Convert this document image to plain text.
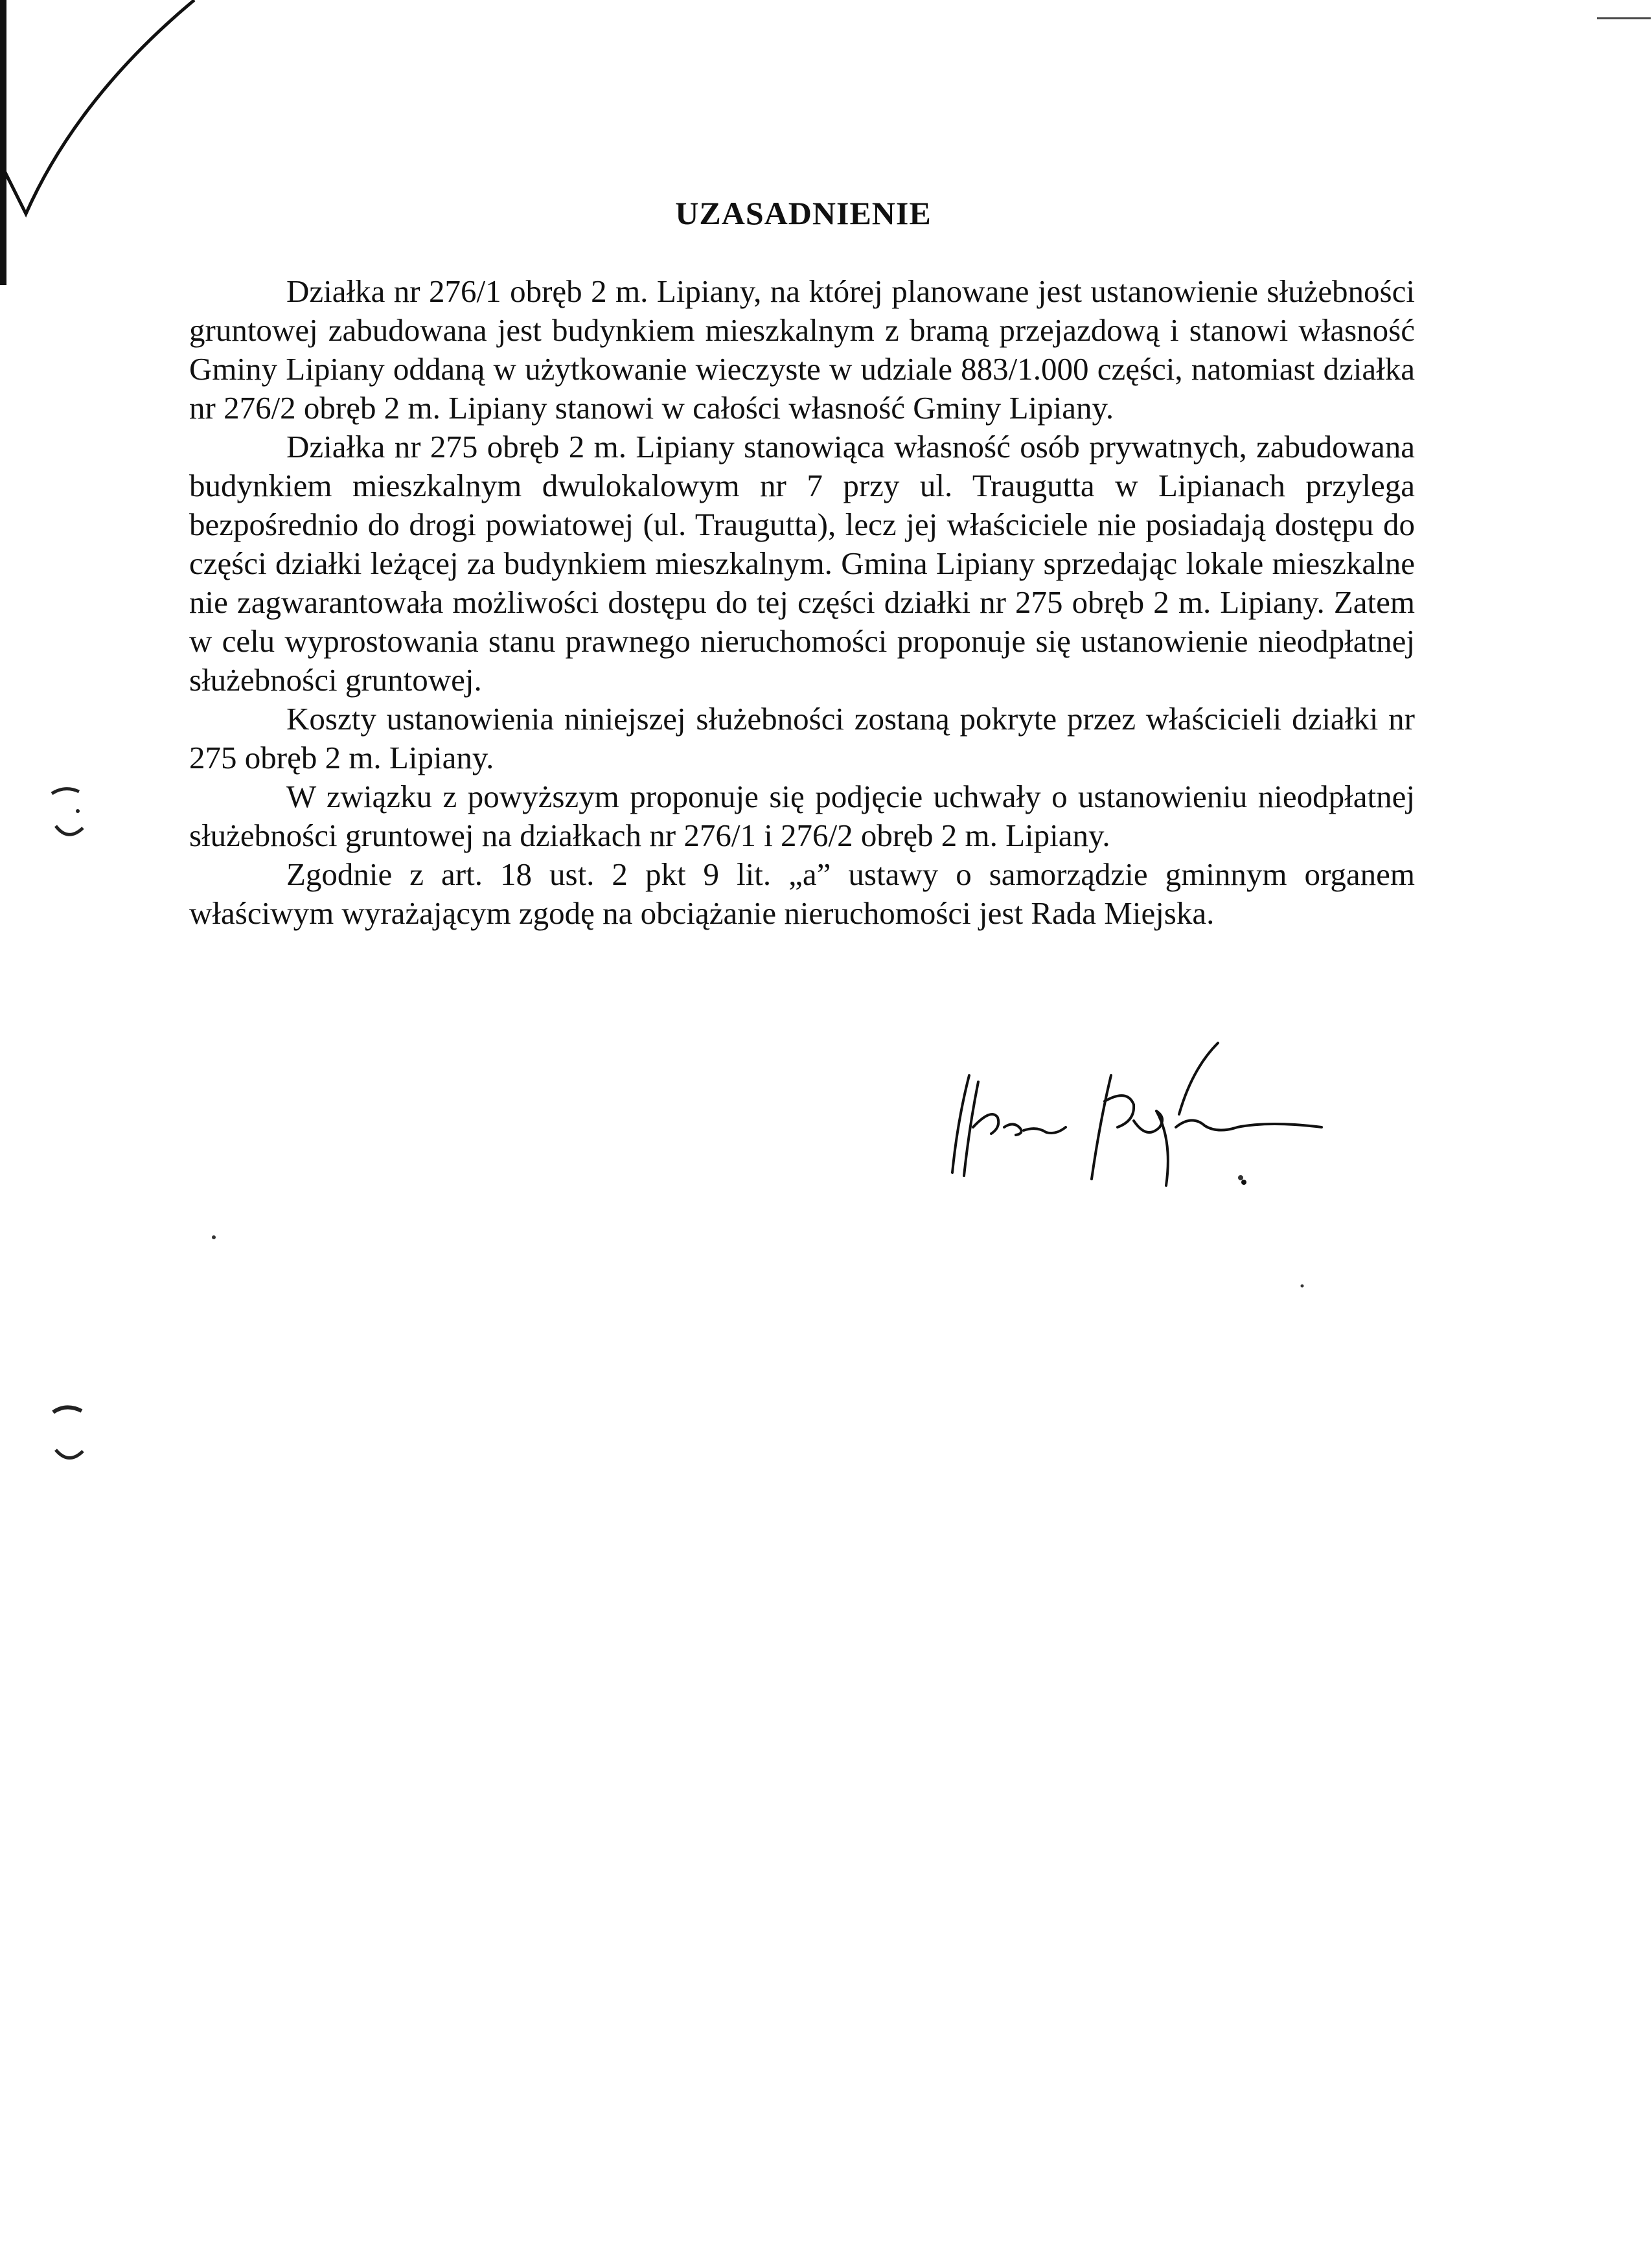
UZASADNIENIE

Działka nr 276/1 obręb 2 m. Lipiany, na której planowane jest ustanowienie służebności gruntowej zabudowana jest budynkiem mieszkalnym z bramą przejazdową i stanowi własność Gminy Lipiany oddaną w użytkowanie wieczyste w udziale 883/1.000 części, natomiast działka nr 276/2 obręb 2 m. Lipiany stanowi w całości własność Gminy Lipiany.

Działka nr 275 obręb 2 m. Lipiany stanowiąca własność osób prywatnych, zabudowana budynkiem mieszkalnym dwulokalowym nr 7 przy ul. Traugutta w Lipianach przylega bezpośrednio do drogi powiatowej (ul. Traugutta), lecz jej właściciele nie posiadają dostępu do części działki leżącej za budynkiem mieszkalnym. Gmina Lipiany sprzedając lokale mieszkalne nie zagwarantowała możliwości dostępu do tej części działki nr 275 obręb 2 m. Lipiany. Zatem w celu wyprostowania stanu prawnego nieruchomości proponuje się ustanowienie nieodpłatnej służebności gruntowej.

Koszty ustanowienia niniejszej służebności zostaną pokryte przez właścicieli działki nr 275 obręb 2 m. Lipiany.

W związku z powyższym proponuje się podjęcie uchwały o ustanowieniu nieodpłatnej służebności gruntowej na działkach nr 276/1 i 276/2 obręb 2 m. Lipiany.

Zgodnie z art. 18 ust. 2 pkt 9 lit. „a” ustawy o samorządzie gminnym organem właściwym wyrażającym zgodę na obciążanie nieruchomości jest Rada Miejska.
